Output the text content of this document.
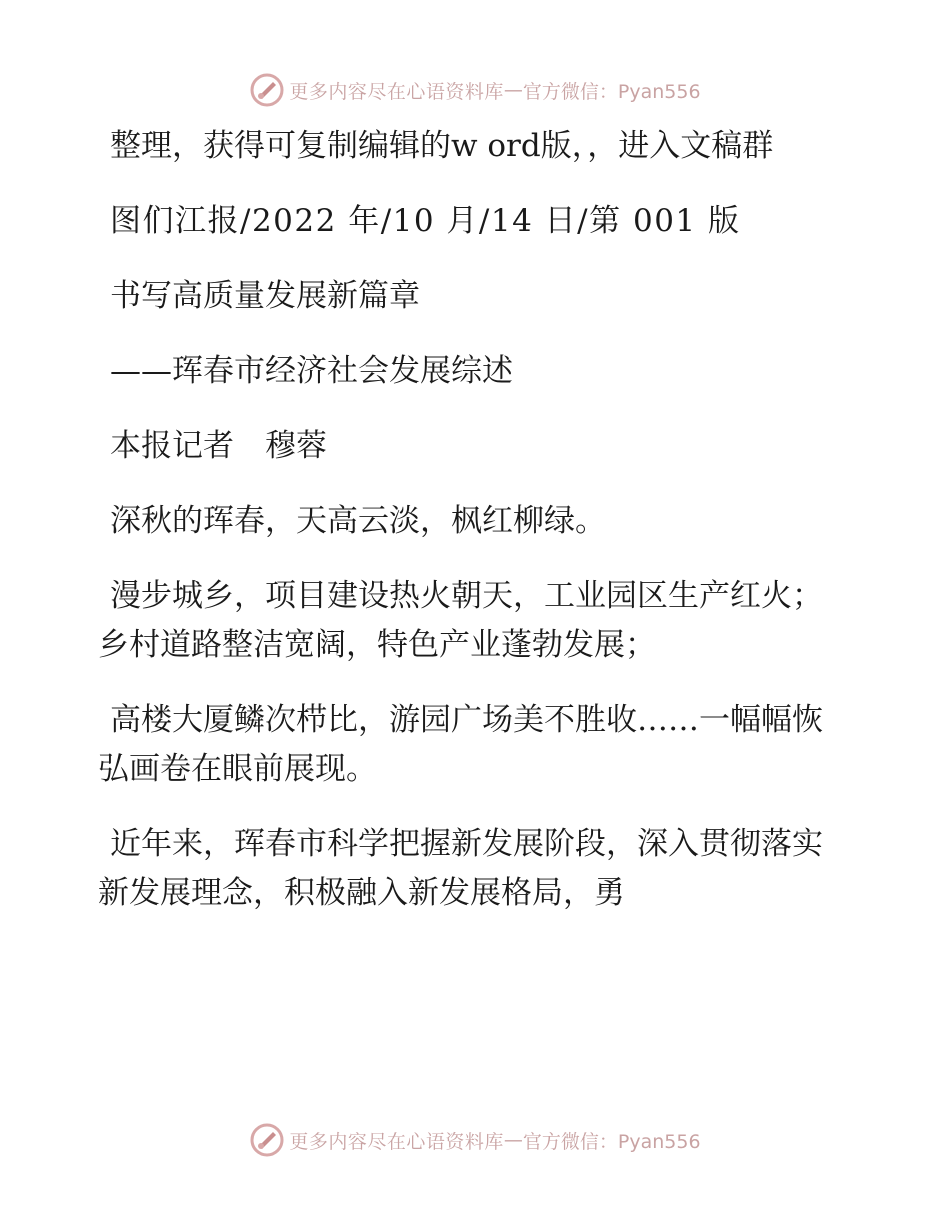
更多内容尽在心语资料库 — 官方微信：Pyan556

整理，获得可复制编辑的w ord版，，进入文稿群

图们江报/2022 年/10 月/14 日/第 001 版

书写高质量发展新篇章

——珲春市经济社会发展综述

本报记者　穆蓉

深秋的珲春，天高云淡，枫红柳绿。

漫步城乡，项目建设热火朝天，工业园区生产红火；乡村道路整洁宽阔，特色产业蓬勃发展；

高楼大厦鳞次栉比，游园广场美不胜收……一幅幅恢弘画卷在眼前展现。

近年来，珲春市科学把握新发展阶段，深入贯彻落实新发展理念，积极融入新发展格局，勇

更多内容尽在心语资料库 — 官方微信：Pyan556
